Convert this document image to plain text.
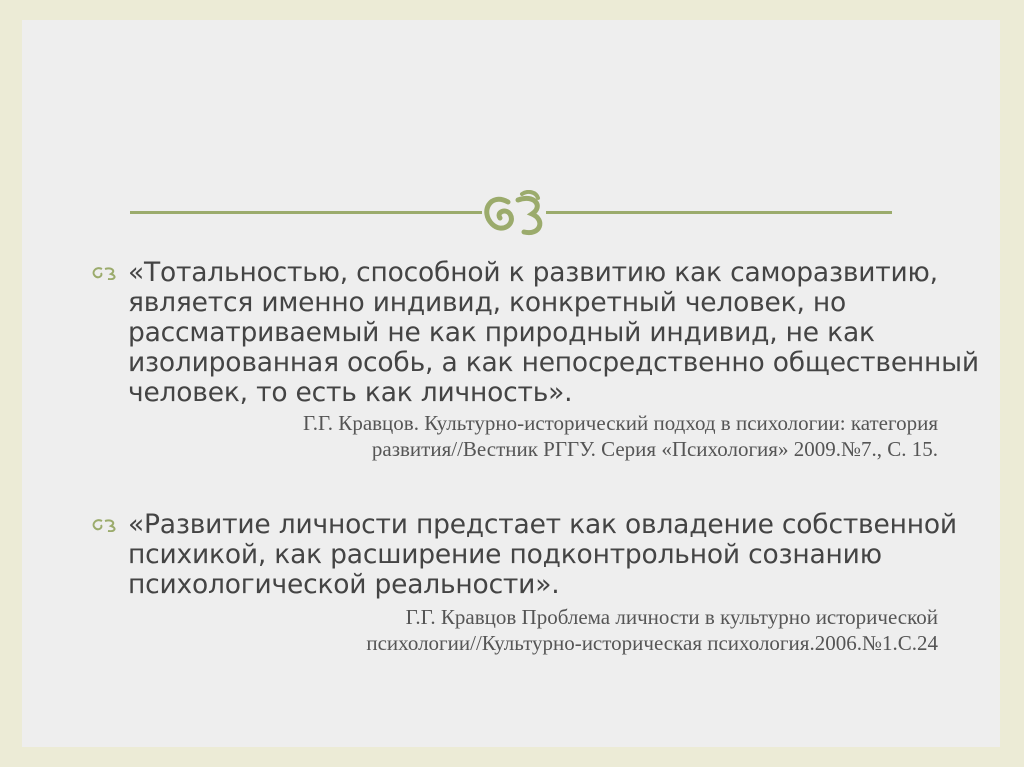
«Тотальностью, способной к развитию как саморазвитию,
является именно индивид, конкретный человек, но
рассматриваемый не как природный индивид, не как
изолированная особь, а как непосредственно общественный
человек, то есть как личность».
Г.Г. Кравцов. Культурно-исторический подход в психологии: категория
развития//Вестник РГГУ. Серия «Психология» 2009.№7., С. 15.
«Развитие личности предстает как овладение собственной
психикой, как расширение подконтрольной сознанию
психологической реальности».
Г.Г. Кравцов Проблема личности в культурно исторической
психологии//Культурно-историческая психология.2006.№1.С.24
